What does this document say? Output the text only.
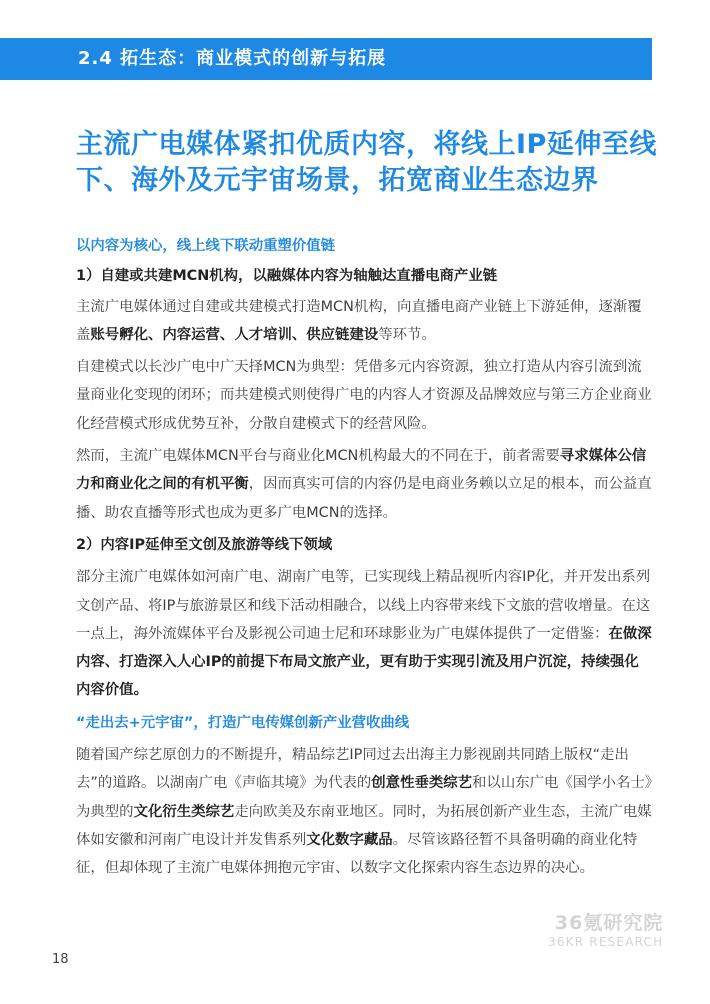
2.4 拓生态：商业模式的创新与拓展
主流广电媒体紧扣优质内容，将线上IP延伸至线下、海外及元宇宙场景，拓宽商业生态边界

以内容为核心，线上线下联动重塑价值链

1）自建或共建MCN机构，以融媒体内容为轴触达直播电商产业链

主流广电媒体通过自建或共建模式打造MCN机构，向直播电商产业链上下游延伸，逐渐覆盖账号孵化、内容运营、人才培训、供应链建设等环节。

自建模式以长沙广电中广天择MCN为典型：凭借多元内容资源，独立打造从内容引流到流量商业化变现的闭环；而共建模式则使得广电的内容人才资源及品牌效应与第三方企业商业化经营模式形成优势互补，分散自建模式下的经营风险。

然而，主流广电媒体MCN平台与商业化MCN机构最大的不同在于，前者需要寻求媒体公信力和商业化之间的有机平衡，因而真实可信的内容仍是电商业务赖以立足的根本，而公益直播、助农直播等形式也成为更多广电MCN的选择。

2）内容IP延伸至文创及旅游等线下领域

部分主流广电媒体如河南广电、湖南广电等，已实现线上精品视听内容IP化，并开发出系列文创产品、将IP与旅游景区和线下活动相融合，以线上内容带来线下文旅的营收增量。在这一点上，海外流媒体平台及影视公司迪士尼和环球影业为广电媒体提供了一定借鉴：在做深内容、打造深入人心IP的前提下布局文旅产业，更有助于实现引流及用户沉淀，持续强化内容价值。

“走出去+元宇宙”，打造广电传媒创新产业营收曲线

随着国产综艺原创力的不断提升，精品综艺IP同过去出海主力影视剧共同踏上版权“走出去”的道路。以湖南广电《声临其境》为代表的创意性垂类综艺和以山东广电《国学小名士》为典型的文化衍生类综艺走向欧美及东南亚地区。同时，为拓展创新产业生态，主流广电媒体如安徽和河南广电设计并发售系列文化数字藏品。尽管该路径暂不具备明确的商业化特征，但却体现了主流广电媒体拥抱元宇宙、以数字文化探索内容生态边界的决心。

36氪研究院
36KR RESEARCH
18
